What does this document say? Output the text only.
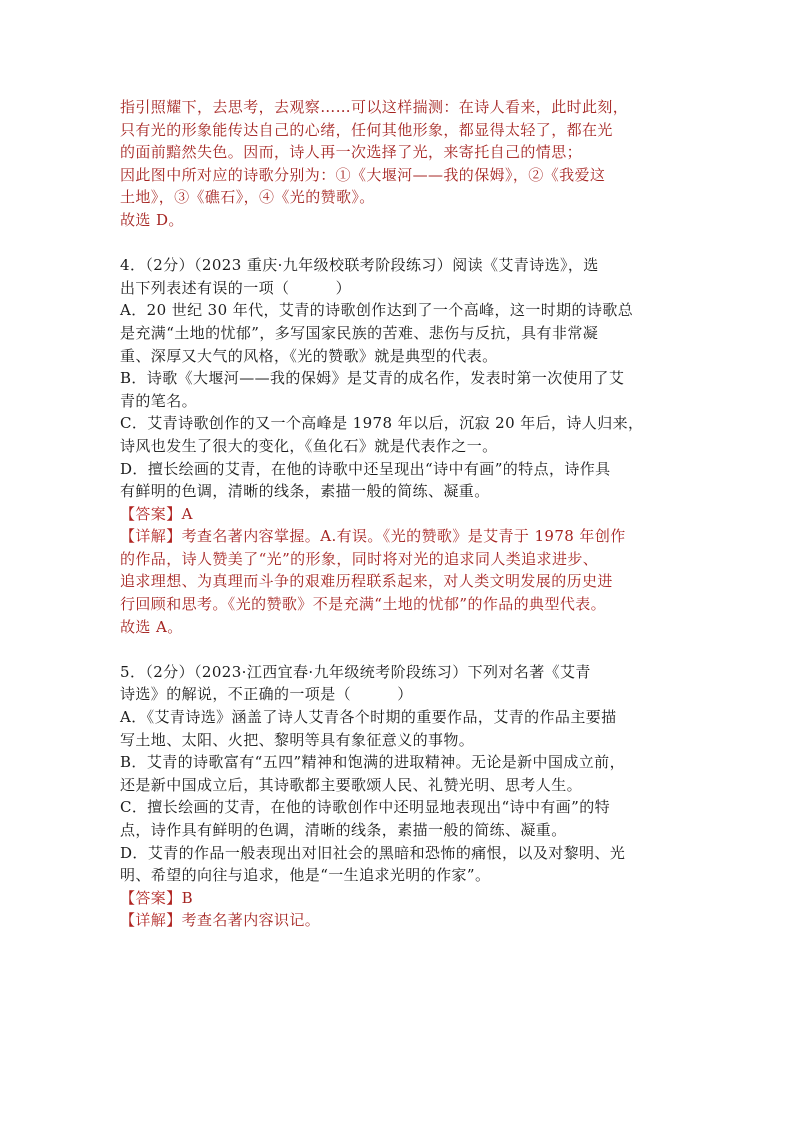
指引照耀下，去思考，去观察……可以这样揣测：在诗人看来，此时此刻，
只有光的形象能传达自己的心绪，任何其他形象，都显得太轻了，都在光
的面前黯然失色。因而，诗人再一次选择了光，来寄托自己的情思；
因此图中所对应的诗歌分别为：①《大堰河——我的保姆》，②《我爱这
土地》，③《礁石》，④《光的赞歌》。
故选 D。
4．（2分）（2023 重庆·九年级校联考阶段练习）阅读《艾青诗选》，选
出下列表述有误的一项（　　　）
A．20 世纪 30 年代，艾青的诗歌创作达到了一个高峰，这一时期的诗歌总
是充满“土地的忧郁”，多写国家民族的苦难、悲伤与反抗，具有非常凝
重、深厚又大气的风格，《光的赞歌》就是典型的代表。
B．诗歌《大堰河——我的保姆》是艾青的成名作，发表时第一次使用了艾
青的笔名。
C．艾青诗歌创作的又一个高峰是 1978 年以后，沉寂 20 年后，诗人归来，
诗风也发生了很大的变化，《鱼化石》就是代表作之一。
D．擅长绘画的艾青，在他的诗歌中还呈现出“诗中有画”的特点，诗作具
有鲜明的色调，清晰的线条，素描一般的简练、凝重。
【答案】A
【详解】考查名著内容掌握。A.有误。《光的赞歌》是艾青于 1978 年创作
的作品，诗人赞美了“光”的形象，同时将对光的追求同人类追求进步、
追求理想、为真理而斗争的艰难历程联系起来，对人类文明发展的历史进
行回顾和思考。《光的赞歌》不是充满“土地的忧郁”的作品的典型代表。
故选 A。
5．（2分）（2023·江西宜春·九年级统考阶段练习）下列对名著《艾青
诗选》的解说，不正确的一项是（　　　）
A．《艾青诗选》涵盖了诗人艾青各个时期的重要作品，艾青的作品主要描
写土地、太阳、火把、黎明等具有象征意义的事物。
B．艾青的诗歌富有“五四”精神和饱满的进取精神。无论是新中国成立前，
还是新中国成立后，其诗歌都主要歌颂人民、礼赞光明、思考人生。
C．擅长绘画的艾青，在他的诗歌创作中还明显地表现出“诗中有画”的特
点，诗作具有鲜明的色调，清晰的线条，素描一般的简练、凝重。
D．艾青的作品一般表现出对旧社会的黑暗和恐怖的痛恨，以及对黎明、光
明、希望的向往与追求，他是“一生追求光明的作家”。
【答案】B
【详解】考查名著内容识记。
